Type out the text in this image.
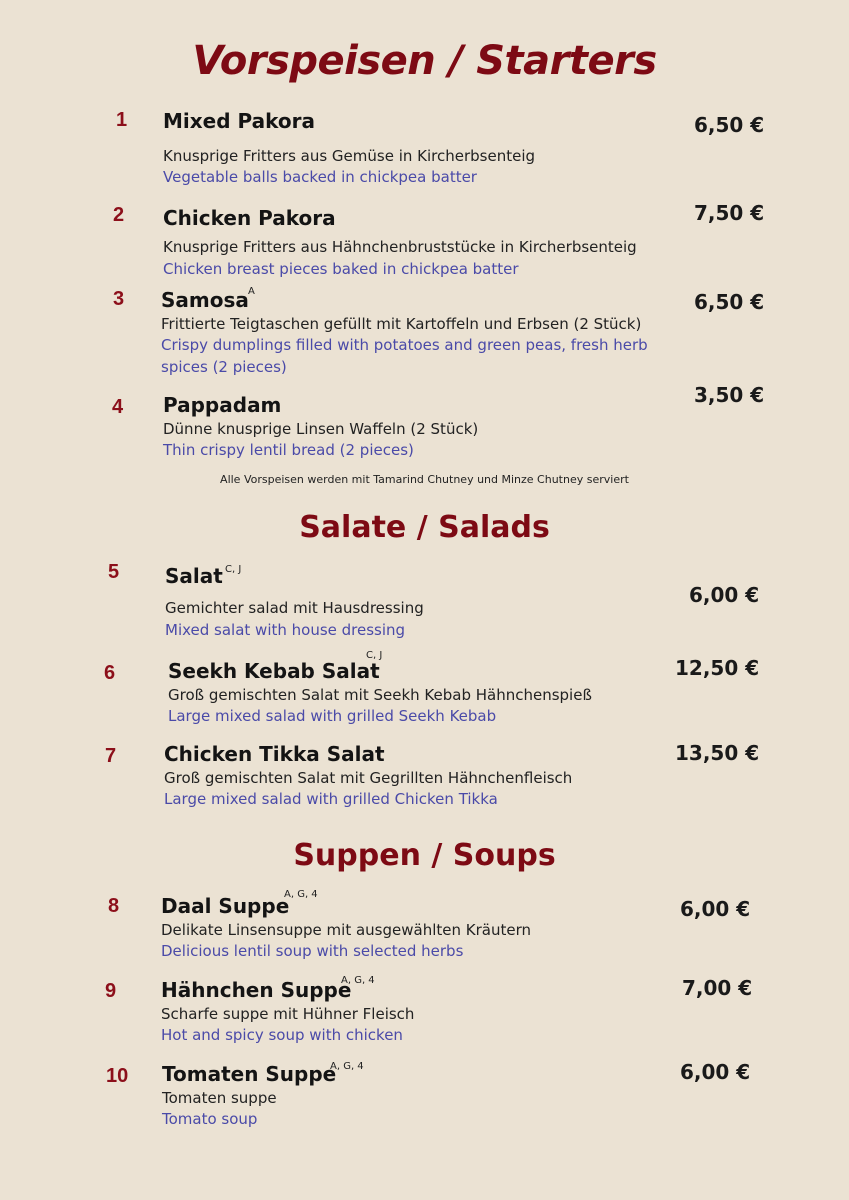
Vorspeisen / Starters
1 Mixed Pakora	6,50 €
Knusprige Fritters aus Gemüse in Kircherbsenteig
Vegetable balls backed in chickpea batter
2 Chicken Pakora	7,50 €
Knusprige Fritters aus Hähnchenbruststücke in Kircherbsenteig
Chicken breast pieces baked in chickpea batter
3 Samosa A	6,50 €
Frittierte Teigtaschen gefüllt mit Kartoffeln und Erbsen (2 Stück)
Crispy dumplings filled with potatoes and green peas, fresh herb spices (2 pieces)
4 Pappadam	3,50 €
Dünne knusprige Linsen Waffeln (2 Stück)
Thin crispy lentil bread (2 pieces)
Alle Vorspeisen werden mit Tamarind Chutney und Minze Chutney serviert
Salate / Salads
5 Salat C, J
6,00 €
Gemichter salad mit Hausdressing
Mixed salat with house dressing
6	Seekh Kebab Salat
C, J
12,50 €
Groß gemischten Salat mit Seekh Kebab Hähnchenspieß
Large mixed salad with grilled Seekh Kebab
7 Chicken Tikka Salat	13,50 €
Groß gemischten Salat mit Gegrillten Hähnchenfleisch
Large mixed salad with grilled Chicken Tikka
Suppen / Soups
8 Daal Suppe
A, G, 4
6,00 €
Delikate Linsensuppe mit ausgewählten Kräutern
Delicious lentil soup with selected herbs
9 Hähnchen Suppe
A, G, 4	7,00 €
Scharfe suppe mit Hühner Fleisch
Hot and spicy soup with chicken
10 Tomaten Suppe
A, G, 4	6,00 €
Tomaten suppe
Tomato soup
